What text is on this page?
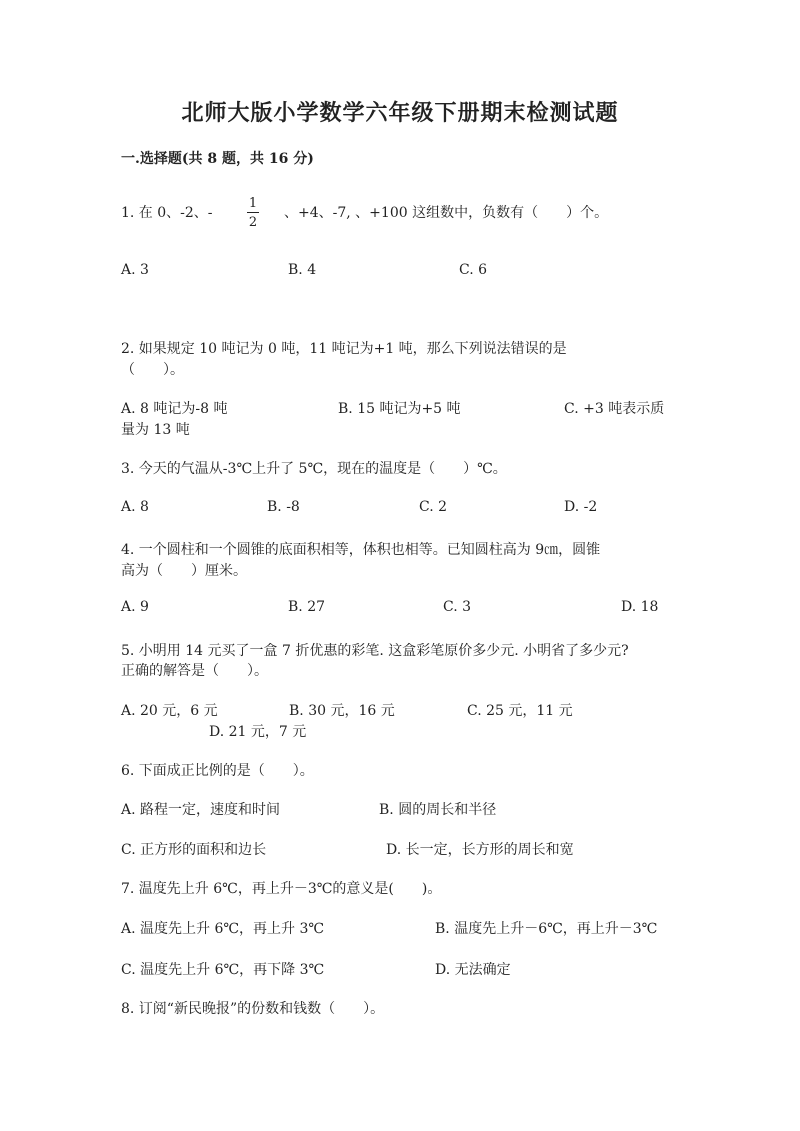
北师大版小学数学六年级下册期末检测试题
一.选择题(共 8 题，共 16 分)
1. 在 0、-2、-
1
2
、+4、-7, 、+100 这组数中，负数有（　　）个。
A. 3	B. 4	C. 6
2. 如果规定 10 吨记为 0 吨，11 吨记为+1 吨，那么下列说法错误的是
（　　）。
A. 8 吨记为-8 吨	B. 15 吨记为+5 吨	C. +3 吨表示质
量为 13 吨
3. 今天的气温从-3℃上升了 5℃，现在的温度是（　　）℃。
A. 8	B. -8	C. 2	D. -2
4. 一个圆柱和一个圆锥的底面积相等，体积也相等。已知圆柱高为 9㎝，圆锥
高为（　　）厘米。
A. 9	B. 27	C. 3	D. 18
5. 小明用 14 元买了一盒 7 折优惠的彩笔. 这盒彩笔原价多少元. 小明省了多少元?
正确的解答是（　　）。
A. 20 元，6 元	B. 30 元，16 元	C. 25 元，11 元
D. 21 元，7 元
6. 下面成正比例的是（　　）。
A. 路程一定，速度和时间	B. 圆的周长和半径
C. 正方形的面积和边长	D. 长一定，长方形的周长和宽
7. 温度先上升 6℃，再上升－3℃的意义是(　　)。
A. 温度先上升 6℃，再上升 3℃	B. 温度先上升－6℃，再上升－3℃
C. 温度先上升 6℃，再下降 3℃	D. 无法确定
8. 订阅“新民晚报”的份数和钱数（　　）。
